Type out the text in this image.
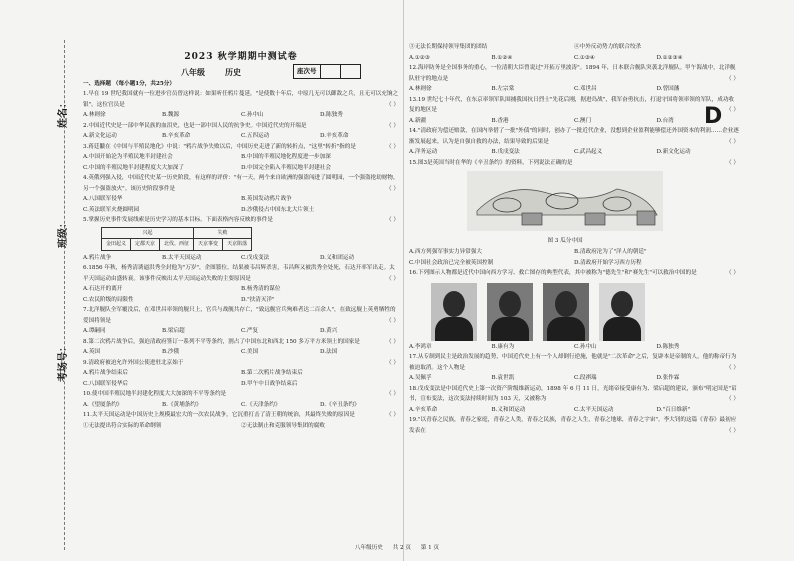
姓名：
班级：
考场号：
2023 秋学期期中测试卷
八年级	历史	座次号
一、选择题 （每小题1分，共25分）
1.早在 19 世纪我国就有一位进步官员曾这样说：如果听任鸦片蔓延，"是使数十年后，中原几无可以御敌之兵，且无可以充饷之银"。这位官员是	（ ）
A.林则徐	B.魏源	C.孙中山	D.陈独秀
2.中国近代史是一部中华民族的血泪史，也是一部中国人民的抗争史。中国近代史的开端是	（ ）
A.新文化运动	B.辛亥革命	C.五四运动	D.辛亥革命
3.蒋廷黻在《中国与半殖民地化》中说："鸦片战争失败以后，中国历史走进了新的转折点，"这里"转折"指的是	（ ）
A.中国开始沦为半殖民地半封建社会	B.中国的半殖民地化程度进一步加深
C.中国的半殖民地半封建程度大大加深了	D.中国完全陷入半殖民地半封建社会
4.英俄列强入侵，中国近代史某一历史阶段，有这样的评价："有一天，两个来自欧洲的强盗闯进了圆明园，一个强盗抢劫财物，另一个强盗放火"。该历史阶段事件是	（ ）
A.八国联军侵华	B.英国发动鸦片战争
C.英法联军火烧圆明园	D.沙俄侵占中国东北大片领土
5.掌握历史事件发展线索是历史学习的基本目标。下面表格内容反映的事件是	（ ）
兴起			失败	
金田起义	定都天京	北伐、西征	天京事变	天京陷落
A.鸦片战争	B.太平天国运动	C.戊戌变法	D.义和团运动
6.1856 年秋，杨秀清诱逼洪秀全封他为"万岁"，企图篡位。结果被韦昌辉杀害，韦昌辉又被洪秀全处死，石达开率军出走。太平天国运动由盛转衰。该事件反映出太平天国运动失败的主要原因是	（ ）
A.石达开的离开	B.杨秀清的谋位
C.农民阶级的局限性	D."扶清灭洋"
7.北洋舰队全军覆没后，在邓世昌率领的舰只上，官兵与战舰共存亡，"致远舰官兵殉难者达二百余人"，在致远舰上英勇牺牲的爱国将领是	（ ）
A.谭嗣同	B.梁启超	C.严复	D.黄兴
8.第二次鸦片战争后，强迫清政府签订一系列不平等条约，割占了中国东北和西北 150 多万平方米领土的国家是	（ ）
A.英国	B.沙俄	C.美国	D.法国
9.清政府被迫允许外国公使进驻北京始于	（ ）
A.鸦片战争结束后	B.第二次鸦片战争结束后
C.八国联军侵华后	D.甲午中日战争结束后
10.使中国半殖民地半封建化程度大大加深的不平等条约是	（ ）
A.《望厦条约》	B.《黄埔条约》	C.《天津条约》	D.《辛丑条约》
11.太平天国运动是中国历史上规模最宏大的一次农民战争，它沉重打击了清王朝的统治，其最终失败的原因是	（ ）
①无法提出符合实际的革命纲领	②无法制止和克服领导集团的腐败
③无法长期保持领导集团的团结	④中外反动势力的联合绞杀
A.①②③	B.①②④	C.①③④	D.①②③④
12.海岸防务是全国事务的重心，一位清朝大臣曾说过"开拓万里波涛"。1894 年，日本联合舰队突袭北洋舰队。甲午海战中，北洋舰队驻守的地点是	（ ）
A.林则徐	B.左宗棠	C.邓世昌	D.曾国藩
13.19 世纪七十年代，在东京率领军队围捕我国抗日烈士"先花后刚，据进岛战"，我军奋勇抗击，打退守国将领率领的军队，成功收复的地区是	（ ）
A.新疆	B.香港	C.澳门	D.台湾
14."清政府为偿还赔款，在国内举借了一批"外债"的同时，创办了一批近代企业，没想到企业盈利能够偿还外国资本的利润……企业逐渐发展起来，认为是自强自救的办法，结果导致的后果是	（ ）
A.洋务运动	B.戊戌变法	C.武昌起义	D.新文化运动
15.图3是英国当时在华的《辛丑条约》的资料，下列说法正确的是	（ ）
图 3 瓜分中国
A.西方列强军事实力异常强大	B.清政府沦为了"洋人的朝廷"
C.中国社会政治已完全被英国控制	D.清政府开始学习西方历程
16.下列图示人物都是近代中国向西方学习、救亡图存的典型代表，其中被称为"德先生"和"赛先生"可以救治中国的是	（ ）
A.李鸿章	B.康有为	C.孙中山	D.陈独秀
17.从专制到民主是政治发展的趋势，中国近代史上有一个人却倒行逆施，他就是"二次革命"之后，复辟本是帝制的人，他的称帝行为被迫取消。这个人物是	（ ）
A.吴佩孚	B.袁世凯	C.段祺瑞	D.张作霖
18.戊戌变法是中国近代史上第一次资产阶级维新运动，1898 年 6 月 11 日，光绪帝接受康有为、梁启超的建议，颁布"明定国是"诏书，宣布变法，这次变法持续时间为 103 天，又被称为	（ ）
A.辛亥革命	B.义和团运动	C.太平天国运动	D."百日维新"
19."以青春之民族，青春之家庭，青春之人类，青春之民族，青春之人生，青春之地球，青春之宇宙"。李大钊的这篇《青春》最初应发表在	（ ）
D
八年级历史 共 2 页 第 1 页
